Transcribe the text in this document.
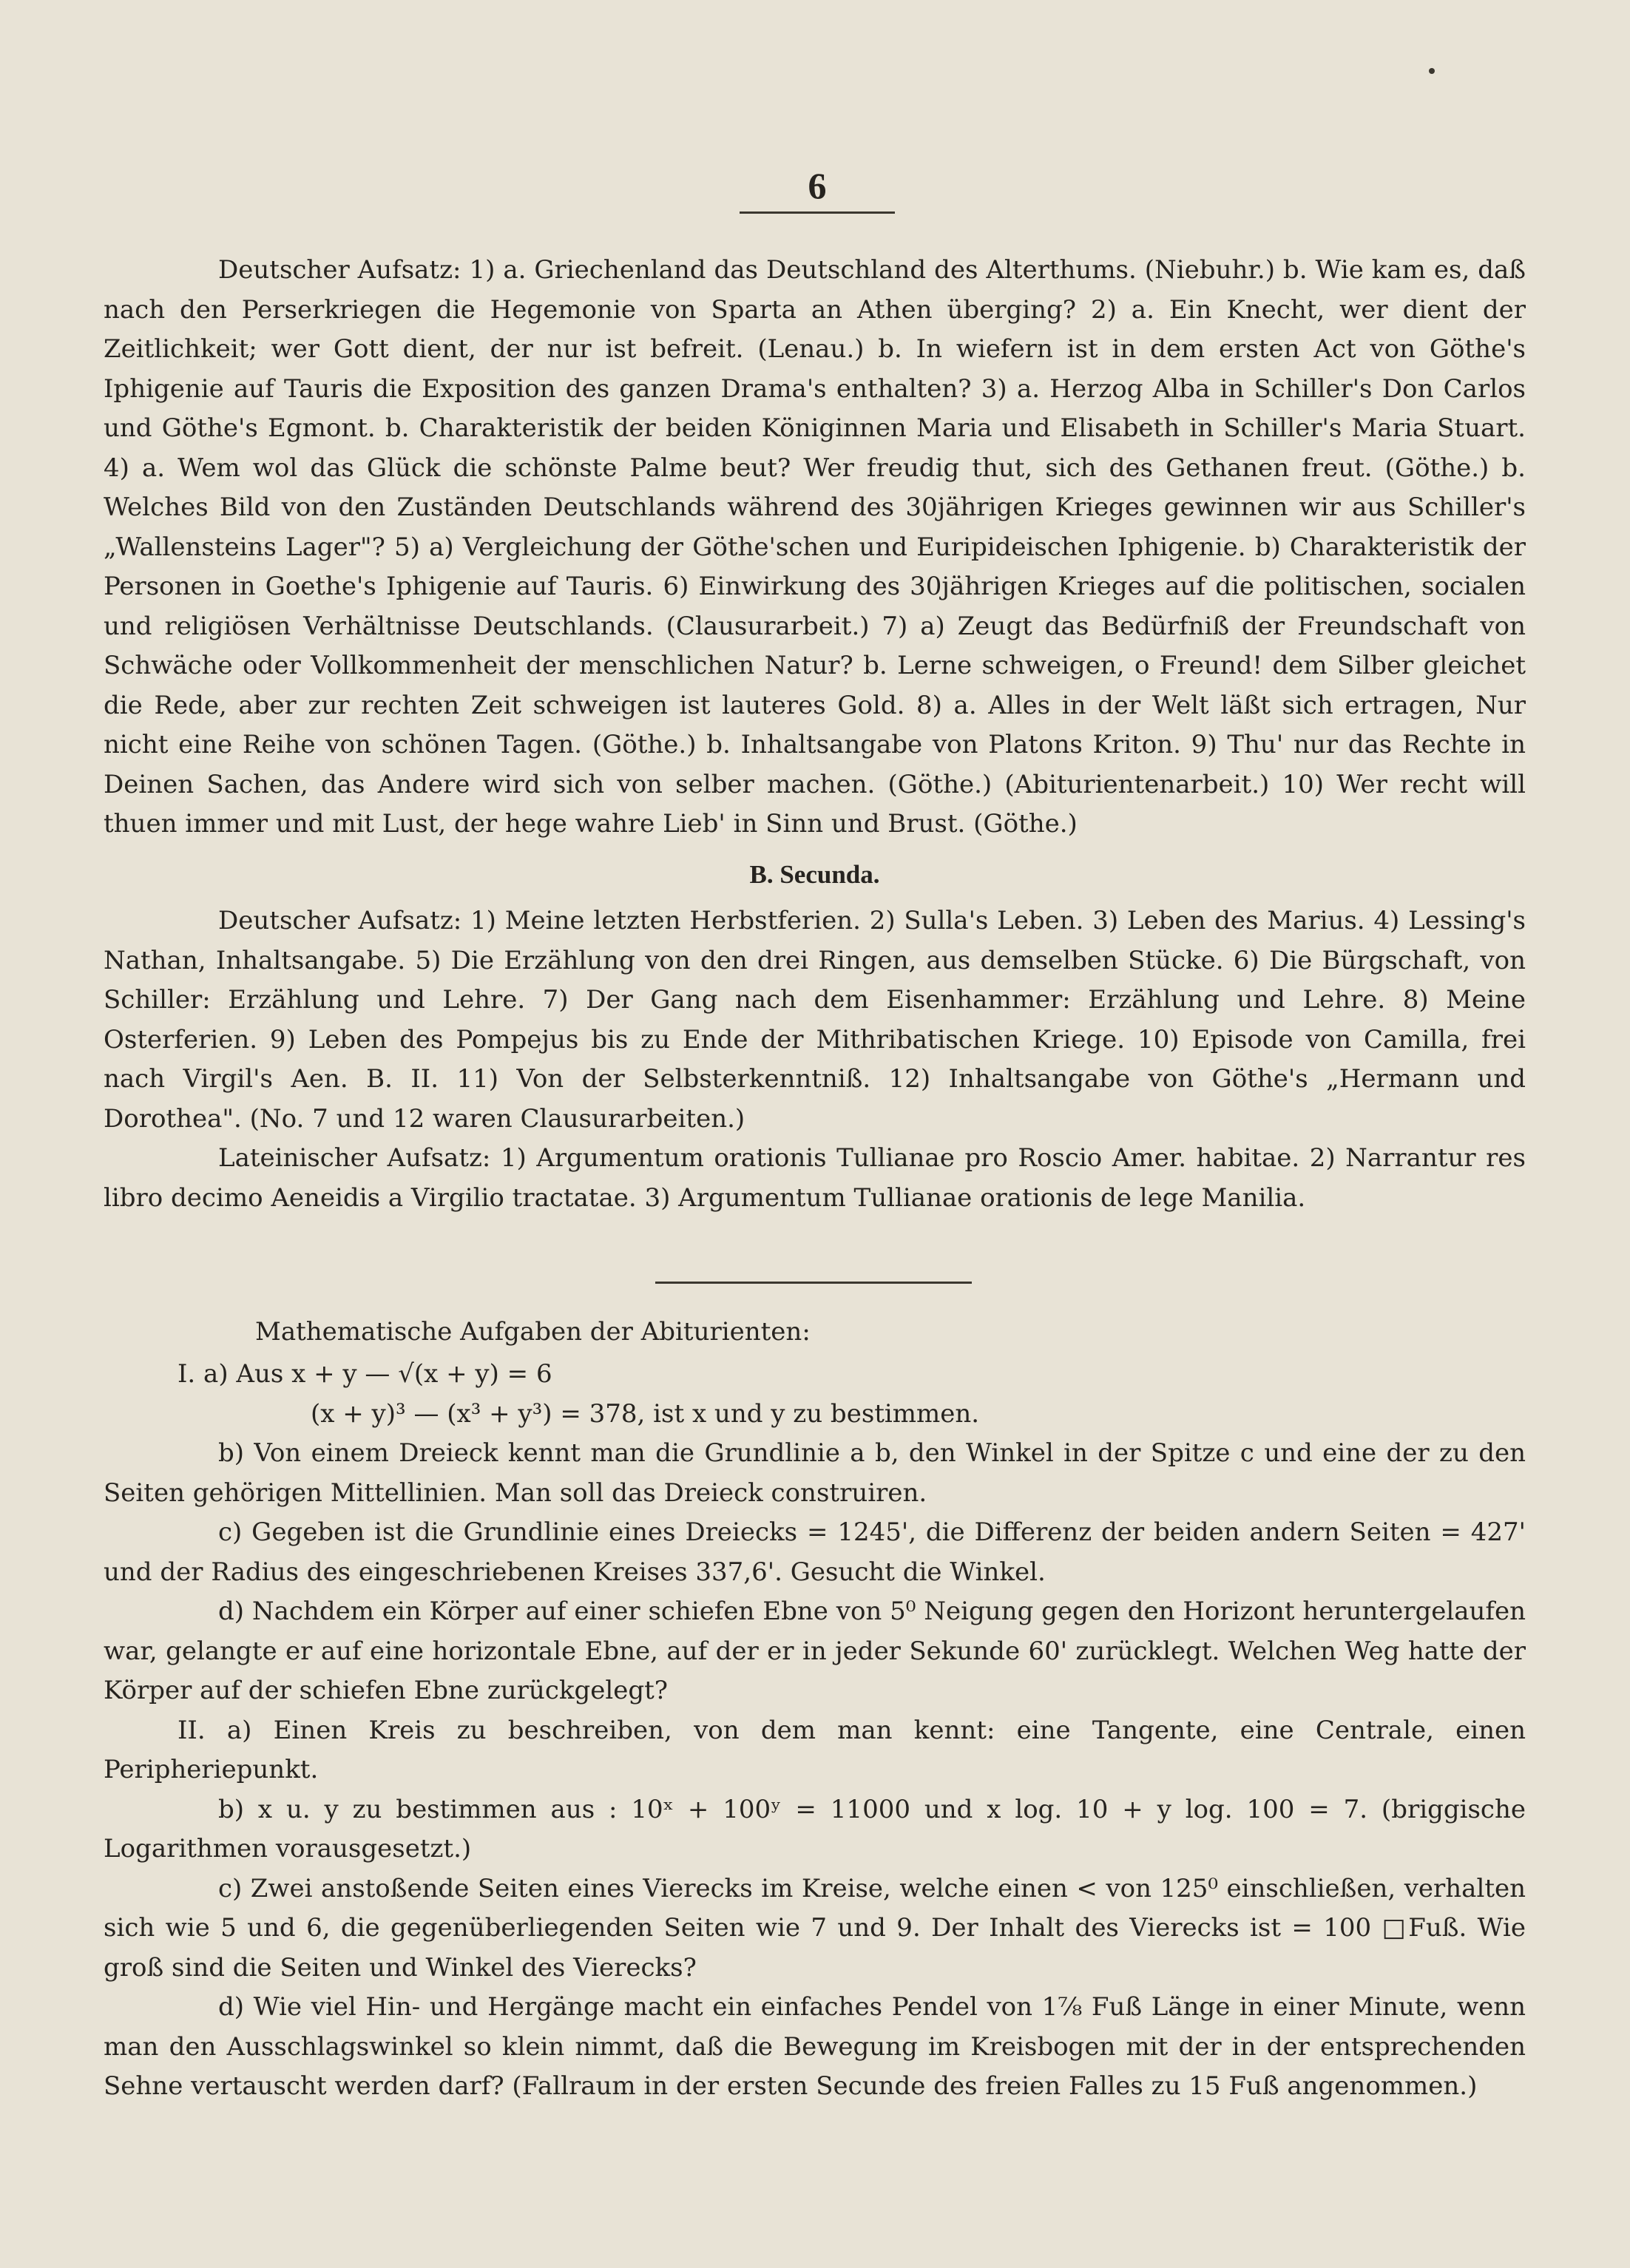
6

Deutscher Aufsatz: 1) a. Griechenland das Deutschland des Alterthums. (Niebuhr.) b. Wie kam es, daß nach den Perserkriegen die Hegemonie von Sparta an Athen überging? 2) a. Ein Knecht, wer dient der Zeitlichkeit; wer Gott dient, der nur ist befreit. (Lenau.) b. In wiefern ist in dem ersten Act von Göthe's Iphigenie auf Tauris die Exposition des ganzen Drama's enthalten? 3) a. Herzog Alba in Schiller's Don Carlos und Göthe's Egmont. b. Charakteristik der beiden Königinnen Maria und Elisabeth in Schiller's Maria Stuart. 4) a. Wem wol das Glück die schönste Palme beut? Wer freudig thut, sich des Gethanen freut. (Göthe.) b. Welches Bild von den Zuständen Deutschlands während des 30jährigen Krieges gewinnen wir aus Schiller's „Wallensteins Lager"? 5) a) Vergleichung der Göthe'schen und Euripideischen Iphigenie. b) Charakteristik der Personen in Goethe's Iphigenie auf Tauris. 6) Einwirkung des 30jährigen Krieges auf die politischen, socialen und religiösen Verhältnisse Deutschlands. (Clausurarbeit.) 7) a) Zeugt das Bedürfniß der Freundschaft von Schwäche oder Vollkommenheit der menschlichen Natur? b. Lerne schweigen, o Freund! dem Silber gleichet die Rede, aber zur rechten Zeit schweigen ist lauteres Gold. 8) a. Alles in der Welt läßt sich ertragen, Nur nicht eine Reihe von schönen Tagen. (Göthe.) b. Inhaltsangabe von Platons Kriton. 9) Thu' nur das Rechte in Deinen Sachen, das Andere wird sich von selber machen. (Göthe.) (Abiturientenarbeit.) 10) Wer recht will thuen immer und mit Lust, der hege wahre Lieb' in Sinn und Brust. (Göthe.)

B. Secunda.

Deutscher Aufsatz: 1) Meine letzten Herbstferien. 2) Sulla's Leben. 3) Leben des Marius. 4) Lessing's Nathan, Inhaltsangabe. 5) Die Erzählung von den drei Ringen, aus demselben Stücke. 6) Die Bürgschaft, von Schiller: Erzählung und Lehre. 7) Der Gang nach dem Eisenhammer: Erzählung und Lehre. 8) Meine Osterferien. 9) Leben des Pompejus bis zu Ende der Mithribatischen Kriege. 10) Episode von Camilla, frei nach Virgil's Aen. B. II. 11) Von der Selbsterkenntniß. 12) Inhaltsangabe von Göthe's „Hermann und Dorothea". (No. 7 und 12 waren Clausurarbeiten.)

Lateinischer Aufsatz: 1) Argumentum orationis Tullianae pro Roscio Amer. habitae. 2) Narrantur res libro decimo Aeneidis a Virgilio tractatae. 3) Argumentum Tullianae orationis de lege Manilia.

Mathematische Aufgaben der Abiturienten:

I. a) Aus x + y — √(x + y) = 6

(x + y)³ — (x³ + y³) = 378, ist x und y zu bestimmen.

b) Von einem Dreieck kennt man die Grundlinie a b, den Winkel in der Spitze c und eine der zu den Seiten gehörigen Mittellinien. Man soll das Dreieck construiren.

c) Gegeben ist die Grundlinie eines Dreiecks = 1245', die Differenz der beiden andern Seiten = 427' und der Radius des eingeschriebenen Kreises 337,6'. Gesucht die Winkel.

d) Nachdem ein Körper auf einer schiefen Ebne von 5⁰ Neigung gegen den Horizont heruntergelaufen war, gelangte er auf eine horizontale Ebne, auf der er in jeder Sekunde 60' zurücklegt. Welchen Weg hatte der Körper auf der schiefen Ebne zurückgelegt?

II. a) Einen Kreis zu beschreiben, von dem man kennt: eine Tangente, eine Centrale, einen Peripheriepunkt.

b) x u. y zu bestimmen aus : 10ˣ + 100ʸ = 11000 und x log. 10 + y log. 100 = 7. (briggische Logarithmen vorausgesetzt.)

c) Zwei anstoßende Seiten eines Vierecks im Kreise, welche einen < von 125⁰ einschließen, verhalten sich wie 5 und 6, die gegenüberliegenden Seiten wie 7 und 9. Der Inhalt des Vierecks ist = 100 □Fuß. Wie groß sind die Seiten und Winkel des Vierecks?

d) Wie viel Hin- und Hergänge macht ein einfaches Pendel von 1⅞ Fuß Länge in einer Minute, wenn man den Ausschlagswinkel so klein nimmt, daß die Bewegung im Kreisbogen mit der in der entsprechenden Sehne vertauscht werden darf? (Fallraum in der ersten Secunde des freien Falles zu 15 Fuß angenommen.)
